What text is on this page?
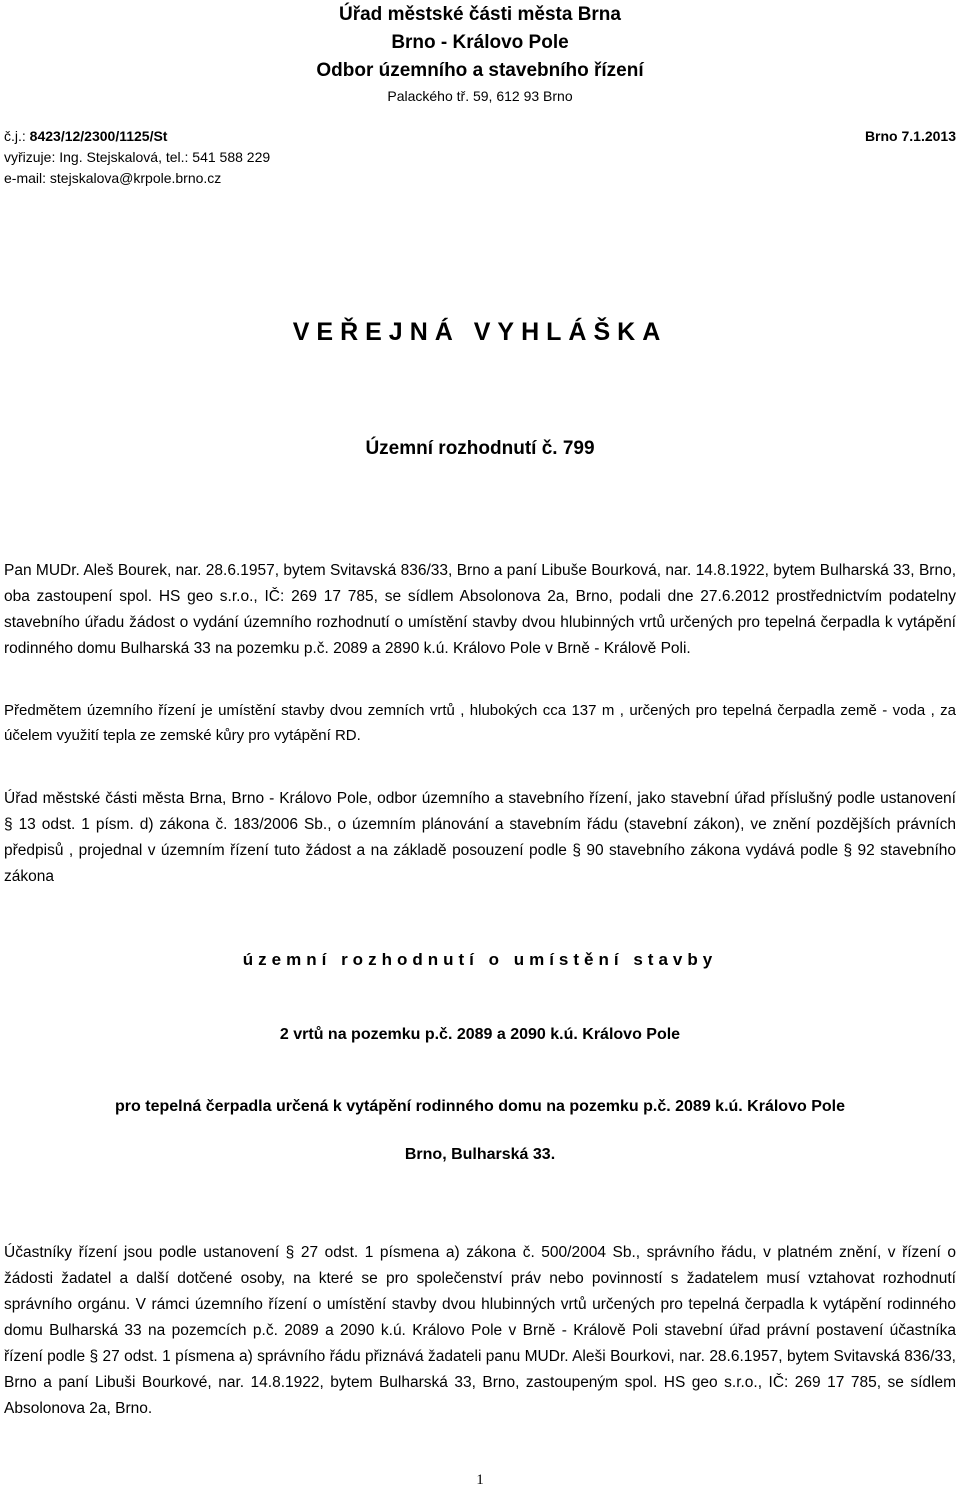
Úřad městské části města Brna
Brno - Královo Pole
Odbor územního a stavebního řízení
Palackého tř. 59, 612 93 Brno
č.j.: 8423/12/2300/1125/St	Brno 7.1.2013
vyřizuje: Ing. Stejskalová, tel.: 541 588 229
e-mail: stejskalova@krpole.brno.cz
VEŘEJNÁ VYHLÁŠKA
Územní rozhodnutí č. 799
Pan MUDr. Aleš Bourek, nar. 28.6.1957, bytem Svitavská 836/33, Brno a paní Libuše Bourková, nar. 14.8.1922, bytem Bulharská 33, Brno, oba zastoupení spol. HS geo s.r.o., IČ: 269 17 785, se sídlem Absolonova 2a, Brno, podali dne 27.6.2012 prostřednictvím podatelny stavebního úřadu žádost o vydání územního rozhodnutí o umístění stavby dvou hlubinných vrtů určených pro tepelná čerpadla k vytápění rodinného domu Bulharská 33 na pozemku p.č. 2089 a 2890 k.ú. Královo Pole v Brně - Králově Poli.
Předmětem územního řízení je umístění stavby dvou zemních vrtů , hlubokých cca 137 m , určených pro tepelná čerpadla země - voda , za účelem využití tepla ze zemské kůry pro vytápění RD.
Úřad městské části města Brna, Brno - Královo Pole, odbor územního a stavebního řízení, jako stavební úřad příslušný podle ustanovení § 13 odst. 1 písm. d) zákona č. 183/2006 Sb., o územním plánování a stavebním řádu (stavební zákon), ve znění pozdějších právních předpisů , projednal v územním řízení tuto žádost a na základě posouzení podle § 90 stavebního zákona vydává podle § 92 stavebního zákona
územní rozhodnutí o umístění stavby
2 vrtů na pozemku p.č. 2089 a 2090 k.ú. Královo Pole
pro tepelná čerpadla určená k vytápění rodinného domu na pozemku p.č. 2089 k.ú. Královo Pole
Brno, Bulharská 33.
Účastníky řízení jsou podle ustanovení § 27 odst. 1 písmena a) zákona č. 500/2004 Sb., správního řádu, v platném znění, v řízení o žádosti žadatel a další dotčené osoby, na které se pro společenství práv nebo povinností s žadatelem musí vztahovat rozhodnutí správního orgánu. V rámci územního řízení o umístění stavby dvou hlubinných vrtů určených pro tepelná čerpadla k vytápění rodinného domu Bulharská 33 na pozemcích p.č. 2089 a 2090 k.ú. Královo Pole v Brně - Králově Poli stavební úřad právní postavení účastníka řízení podle § 27 odst. 1 písmena a) správního řádu přiznává žadateli panu MUDr. Aleši Bourkovi, nar. 28.6.1957, bytem Svitavská 836/33, Brno a paní Libuši Bourkové, nar. 14.8.1922, bytem Bulharská 33, Brno, zastoupeným spol. HS geo s.r.o., IČ: 269 17 785, se sídlem Absolonova 2a, Brno.
1
